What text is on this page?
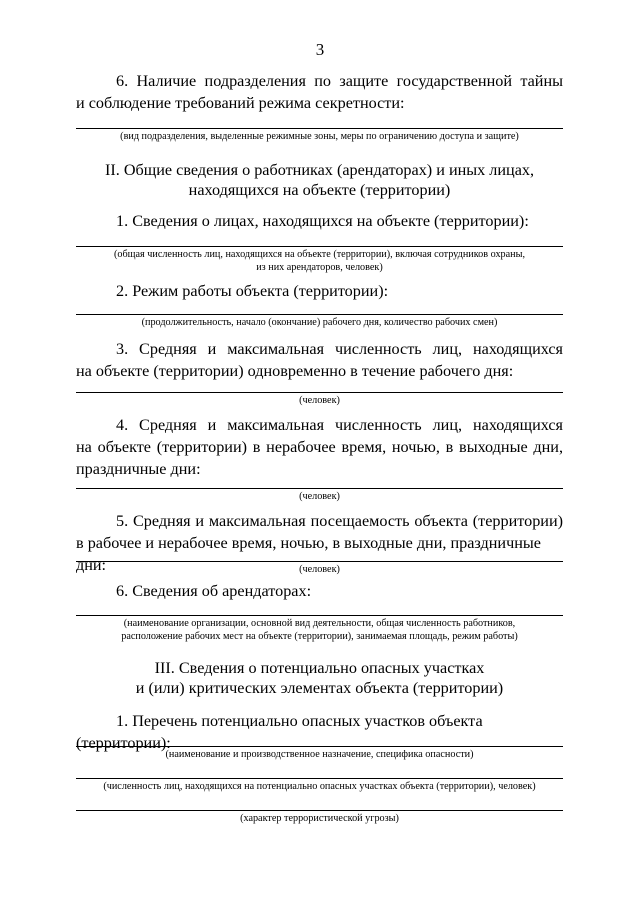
3
6. Наличие подразделения по защите государственной тайны
и соблюдение требований режима секретности:
(вид подразделения, выделенные режимные зоны, меры по ограничению доступа и защите)
II. Общие сведения о работниках (арендаторах) и иных лицах,
находящихся на объекте (территории)
1. Сведения о лицах, находящихся на объекте (территории):
(общая численность лиц, находящихся на объекте (территории), включая сотрудников охраны,
из них арендаторов, человек)
2. Режим работы объекта (территории):
(продолжительность, начало (окончание) рабочего дня, количество рабочих смен)
3. Средняя и максимальная численность лиц, находящихся
на объекте (территории) одновременно в течение рабочего дня:
(человек)
4. Средняя и максимальная численность лиц, находящихся
на объекте (территории) в нерабочее время, ночью, в выходные дни,
праздничные дни:
(человек)
5. Средняя и максимальная посещаемость объекта (территории)
в рабочее и нерабочее время, ночью, в выходные дни, праздничные дни:	(человек)
6. Сведения об арендаторах:
(наименование организации, основной вид деятельности, общая численность работников,
расположение рабочих мест на объекте (территории), занимаемая площадь, режим работы)
III. Сведения о потенциально опасных участках
и (или) критических элементах объекта (территории)
1. Перечень потенциально опасных участков объекта (территории):
(наименование и производственное назначение, специфика опасности)
(численность лиц, находящихся на потенциально опасных участках объекта (территории), человек)
(характер террористической угрозы)
